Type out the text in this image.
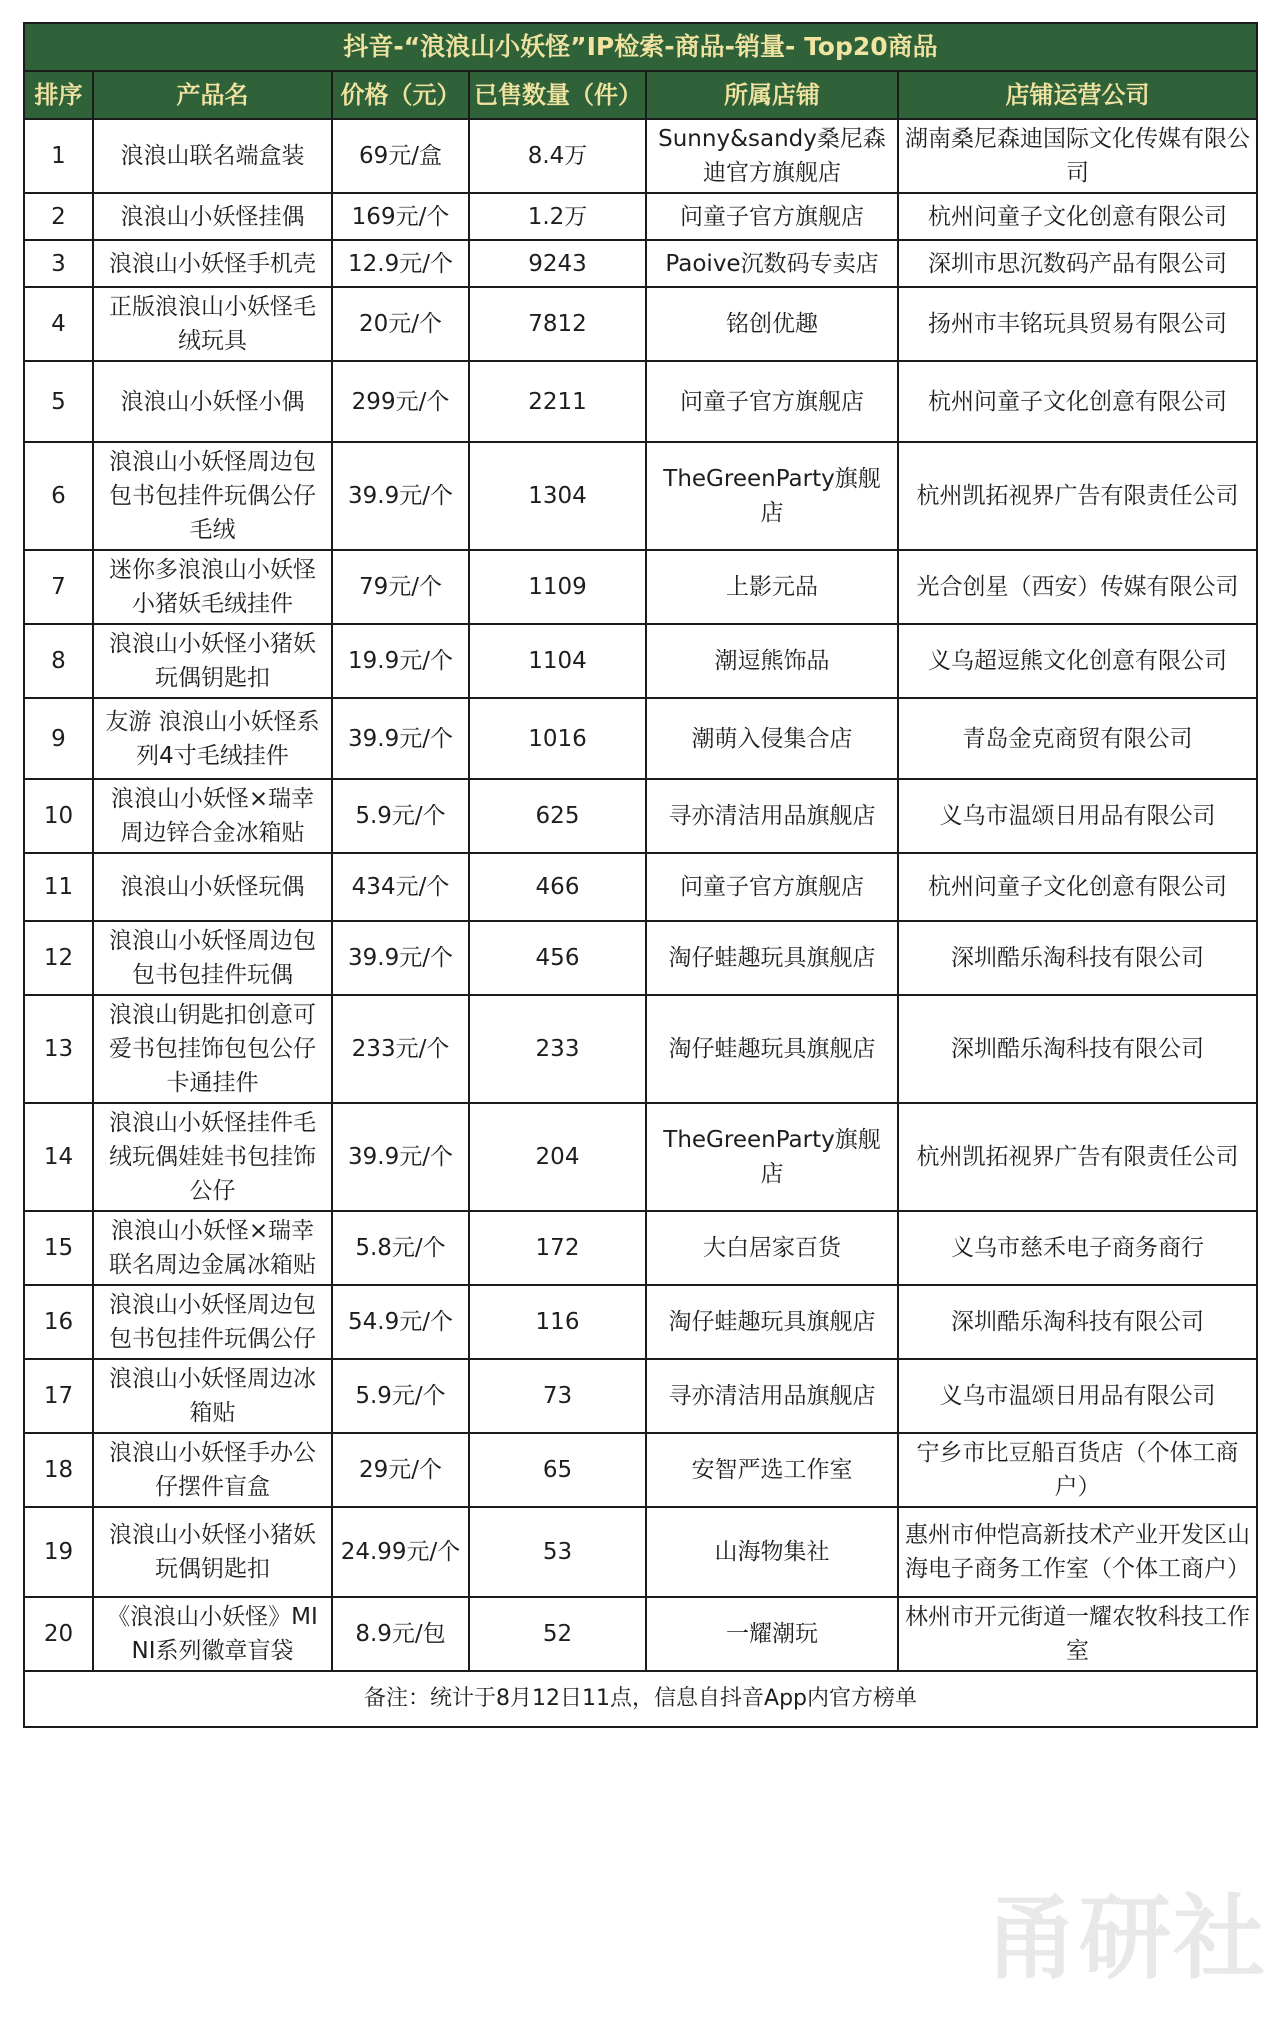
抖音-“浪浪山小妖怪”IP检索-商品-销量- Top20商品					
排序	产品名	价格（元）	已售数量（件）	所属店铺	店铺运营公司
1	浪浪山联名端盒装	69元/盒	8.4万	Sunny&sandy桑尼森迪官方旗舰店	湖南桑尼森迪国际文化传媒有限公司
2	浪浪山小妖怪挂偶	169元/个	1.2万	问童子官方旗舰店	杭州问童子文化创意有限公司
3	浪浪山小妖怪手机壳	12.9元/个	9243	Paoive沉数码专卖店	深圳市思沉数码产品有限公司
4	正版浪浪山小妖怪毛绒玩具	20元/个	7812	铭创优趣	扬州市丰铭玩具贸易有限公司
5	浪浪山小妖怪小偶	299元/个	2211	问童子官方旗舰店	杭州问童子文化创意有限公司
6	浪浪山小妖怪周边包包书包挂件玩偶公仔毛绒	39.9元/个	1304	TheGreenParty旗舰店	杭州凯拓视界广告有限责任公司
7	迷你多浪浪山小妖怪小猪妖毛绒挂件	79元/个	1109	上影元品	光合创星（西安）传媒有限公司
8	浪浪山小妖怪小猪妖玩偶钥匙扣	19.9元/个	1104	潮逗熊饰品	义乌超逗熊文化创意有限公司
9	友游 浪浪山小妖怪系列4寸毛绒挂件	39.9元/个	1016	潮萌入侵集合店	青岛金克商贸有限公司
10	浪浪山小妖怪×瑞幸周边锌合金冰箱贴	5.9元/个	625	寻亦清洁用品旗舰店	义乌市温颂日用品有限公司
11	浪浪山小妖怪玩偶	434元/个	466	问童子官方旗舰店	杭州问童子文化创意有限公司
12	浪浪山小妖怪周边包包书包挂件玩偶	39.9元/个	456	淘仔蛙趣玩具旗舰店	深圳酷乐淘科技有限公司
13	浪浪山钥匙扣创意可爱书包挂饰包包公仔卡通挂件	233元/个	233	淘仔蛙趣玩具旗舰店	深圳酷乐淘科技有限公司
14	浪浪山小妖怪挂件毛绒玩偶娃娃书包挂饰公仔	39.9元/个	204	TheGreenParty旗舰店	杭州凯拓视界广告有限责任公司
15	浪浪山小妖怪×瑞幸联名周边金属冰箱贴	5.8元/个	172	大白居家百货	义乌市慈禾电子商务商行
16	浪浪山小妖怪周边包包书包挂件玩偶公仔	54.9元/个	116	淘仔蛙趣玩具旗舰店	深圳酷乐淘科技有限公司
17	浪浪山小妖怪周边冰箱贴	5.9元/个	73	寻亦清洁用品旗舰店	义乌市温颂日用品有限公司
18	浪浪山小妖怪手办公仔摆件盲盒	29元/个	65	安智严选工作室	宁乡市比豆船百货店（个体工商户）
19	浪浪山小妖怪小猪妖玩偶钥匙扣	24.99元/个	53	山海物集社	惠州市仲恺高新技术产业开发区山海电子商务工作室（个体工商户）
20	《浪浪山小妖怪》MINI系列徽章盲袋	8.9元/包	52	一耀潮玩	林州市开元街道一耀农牧科技工作室
备注：统计于8月12日11点，信息自抖音App内官方榜单					
甬研社
